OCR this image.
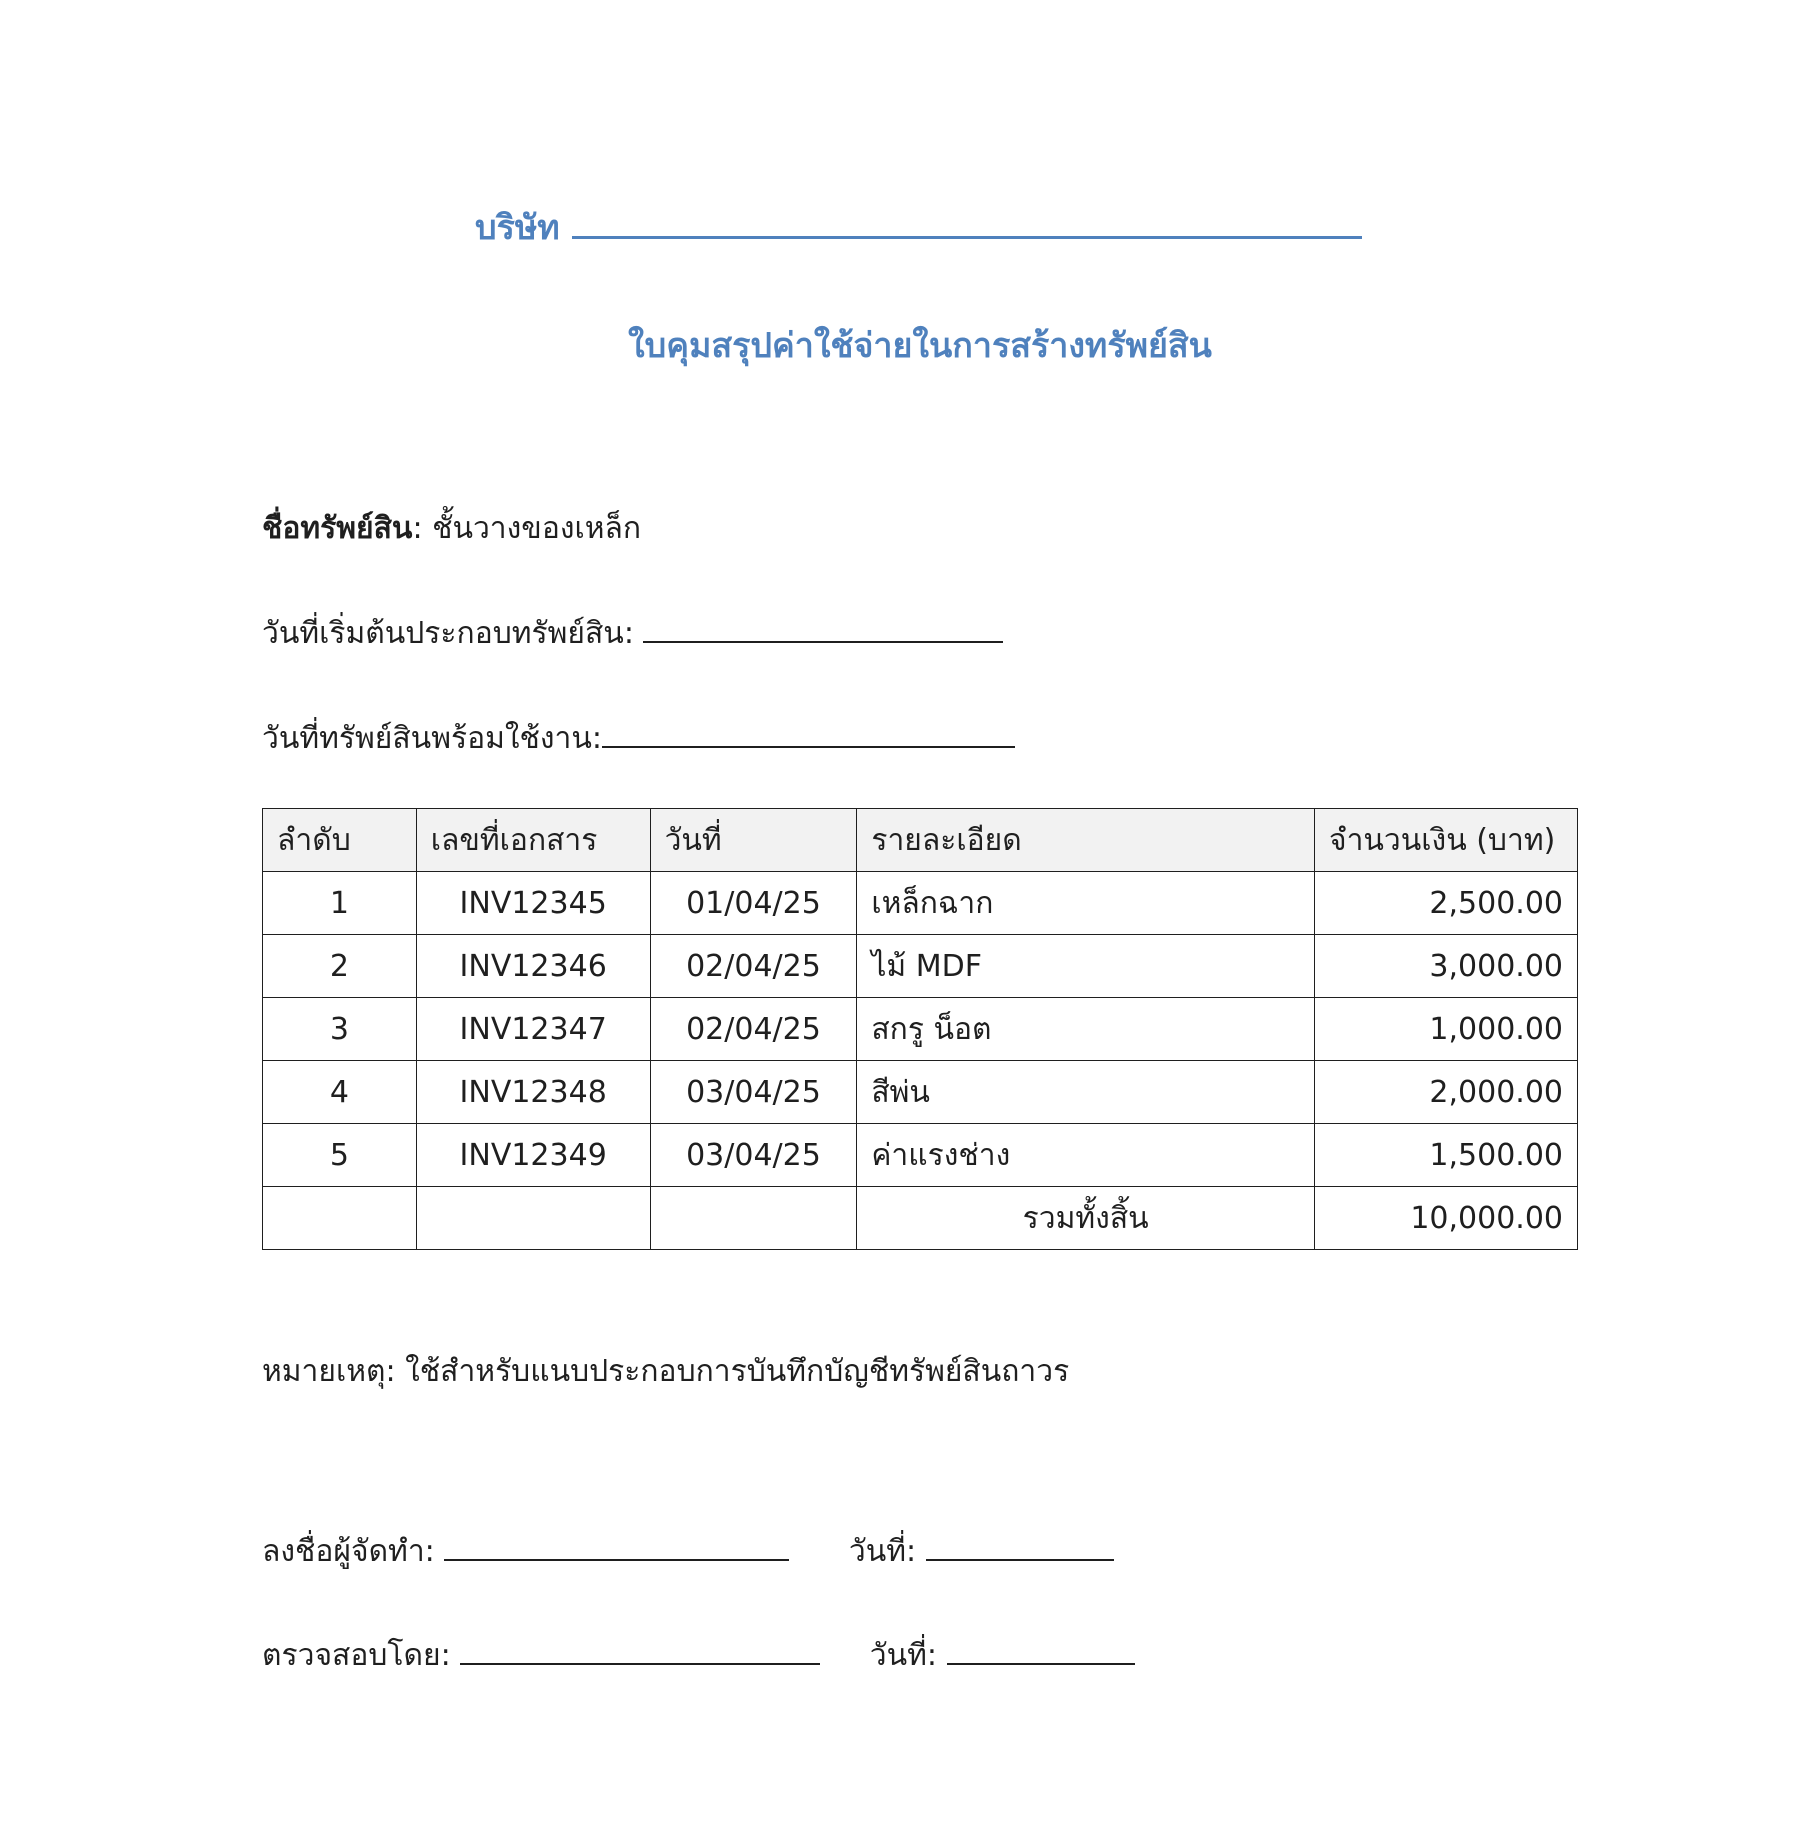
บริษัท
ใบคุมสรุปค่าใช้จ่ายในการสร้างทรัพย์สิน
ชื่อทรัพย์สิน: ชั้นวางของเหล็ก
วันที่เริ่มต้นประกอบทรัพย์สิน:
วันที่ทรัพย์สินพร้อมใช้งาน:
ลำดับ	เลขที่เอกสาร	วันที่	รายละเอียด	จำนวนเงิน (บาท)
1	INV12345	01/04/25	เหล็กฉาก	2,500.00
2	INV12346	02/04/25	ไม้ MDF	3,000.00
3	INV12347	02/04/25	สกรู น็อต	1,000.00
4	INV12348	03/04/25	สีพ่น	2,000.00
5	INV12349	03/04/25	ค่าแรงช่าง	1,500.00
			รวมทั้งสิ้น	10,000.00
หมายเหตุ: ใช้สำหรับแนบประกอบการบันทึกบัญชีทรัพย์สินถาวร
ลงชื่อผู้จัดทำ:	วันที่:
ตรวจสอบโดย:	วันที่:
